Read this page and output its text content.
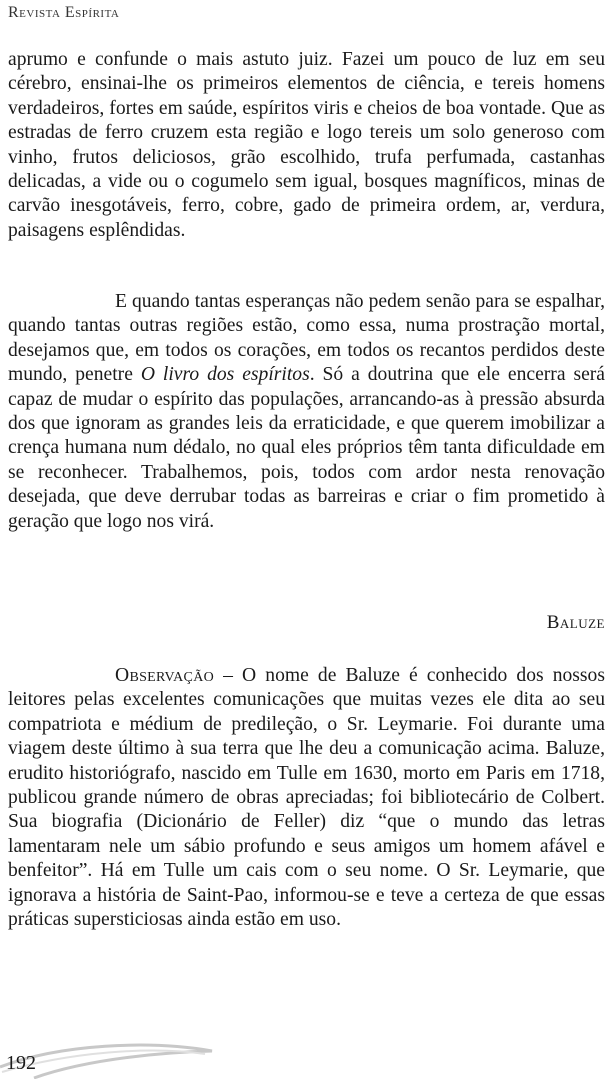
Revista Espírita
aprumo e confunde o mais astuto juiz. Fazei um pouco de luz em seu cérebro, ensinai-lhe os primeiros elementos de ciência, e tereis homens verdadeiros, fortes em saúde, espíritos viris e cheios de boa vontade. Que as estradas de ferro cruzem esta região e logo tereis um solo generoso com vinho, frutos deliciosos, grão escolhido, trufa perfumada, castanhas delicadas, a vide ou o cogumelo sem igual, bosques magníficos, minas de carvão inesgotáveis, ferro, cobre, gado de primeira ordem, ar, verdura, paisagens esplêndidas.
E quando tantas esperanças não pedem senão para se espalhar, quando tantas outras regiões estão, como essa, numa prostração mortal, desejamos que, em todos os corações, em todos os recantos perdidos deste mundo, penetre O livro dos espíritos. Só a doutrina que ele encerra será capaz de mudar o espírito das populações, arrancando-as à pressão absurda dos que ignoram as grandes leis da erraticidade, e que querem imobilizar a crença humana num dédalo, no qual eles próprios têm tanta dificuldade em se reconhecer. Trabalhemos, pois, todos com ardor nesta renovação desejada, que deve derrubar todas as barreiras e criar o fim prometido à geração que logo nos virá.
Baluze
Observação – O nome de Baluze é conhecido dos nossos leitores pelas excelentes comunicações que muitas vezes ele dita ao seu compatriota e médium de predileção, o Sr. Leymarie. Foi durante uma viagem deste último à sua terra que lhe deu a comunicação acima. Baluze, erudito historiógrafo, nascido em Tulle em 1630, morto em Paris em 1718, publicou grande número de obras apreciadas; foi bibliotecário de Colbert. Sua biografia (Dicionário de Feller) diz “que o mundo das letras lamentaram nele um sábio profundo e seus amigos um homem afável e benfeitor”. Há em Tulle um cais com o seu nome. O Sr. Leymarie, que ignorava a história de Saint-Pao, informou-se e teve a certeza de que essas práticas supersticiosas ainda estão em uso.
192
